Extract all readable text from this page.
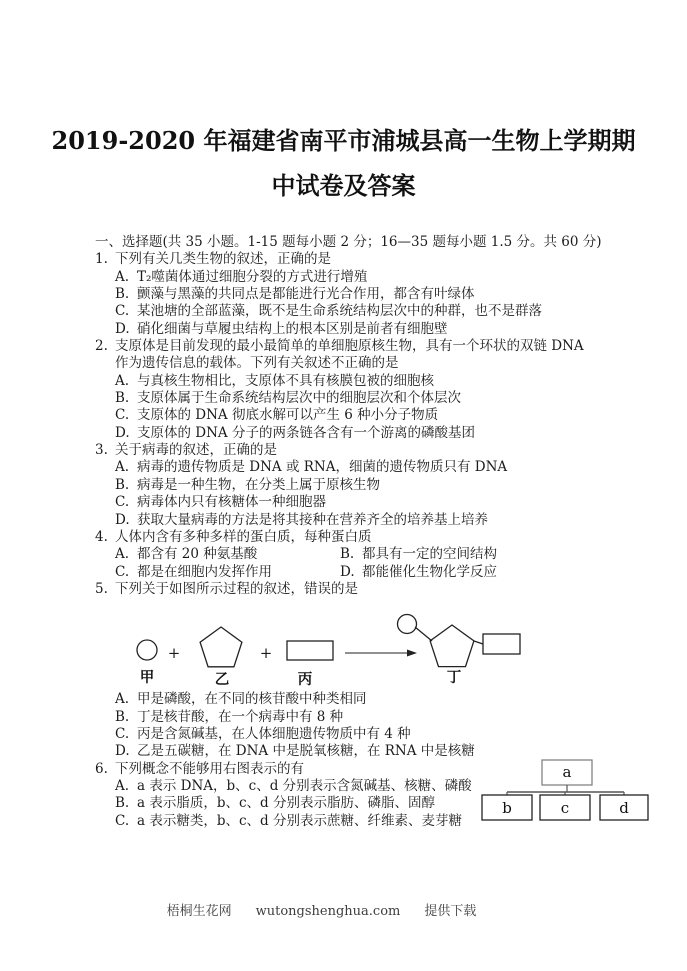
2019-2020 年福建省南平市浦城县高一生物上学期期
中试卷及答案
一、选择题(共 35 小题。1-15 题每小题 2 分；16—35 题每小题 1.5 分。共 60 分)
1. 下列有关几类生物的叙述，正确的是
A. T₂噬菌体通过细胞分裂的方式进行增殖
B. 颤藻与黑藻的共同点是都能进行光合作用，都含有叶绿体
C. 某池塘的全部蓝藻，既不是生命系统结构层次中的种群，也不是群落
D. 硝化细菌与草履虫结构上的根本区别是前者有细胞壁
2. 支原体是目前发现的最小最简单的单细胞原核生物，具有一个环状的双链 DNA
作为遗传信息的载体。下列有关叙述不正确的是
A. 与真核生物相比，支原体不具有核膜包被的细胞核
B. 支原体属于生命系统结构层次中的细胞层次和个体层次
C. 支原体的 DNA 彻底水解可以产生 6 种小分子物质
D. 支原体的 DNA 分子的两条链各含有一个游离的磷酸基团
3. 关于病毒的叙述，正确的是
A. 病毒的遗传物质是 DNA 或 RNA，细菌的遗传物质只有 DNA
B. 病毒是一种生物，在分类上属于原核生物
C. 病毒体内只有核糖体一种细胞器
D. 获取大量病毒的方法是将其接种在营养齐全的培养基上培养
4. 人体内含有多种多样的蛋白质，每种蛋白质
A. 都含有 20 种氨基酸	B. 都具有一定的空间结构
C. 都是在细胞内发挥作用	D. 都能催化生物化学反应
5. 下列关于如图所示过程的叙述，错误的是
+	+
甲	乙	丙	丁
A. 甲是磷酸，在不同的核苷酸中种类相同
B. 丁是核苷酸，在一个病毒中有 8 种
C. 丙是含氮碱基，在人体细胞遗传物质中有 4 种
D. 乙是五碳糖，在 DNA 中是脱氧核糖，在 RNA 中是核糖
6. 下列概念不能够用右图表示的有
A. a 表示 DNA，b、c、d 分别表示含氮碱基、核糖、磷酸
B. a 表示脂质，b、c、d 分别表示脂肪、磷脂、固醇
C. a 表示糖类，b、c、d 分别表示蔗糖、纤维素、麦芽糖
a
b	c	d
梧桐生花网 wutongshenghua.com 提供下载
